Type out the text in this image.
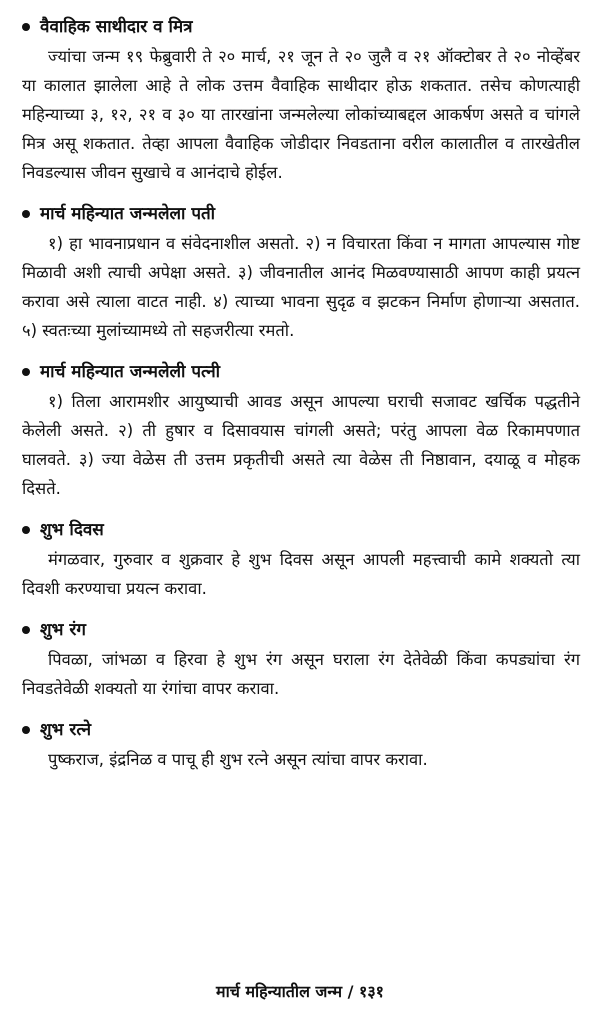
वैवाहिक साथीदार व मित्र

ज्यांचा जन्म १९ फेब्रुवारी ते २० मार्च, २१ जून ते २० जुलै व २१ ऑक्टोबर ते २० नोव्हेंबर या कालात झालेला आहे ते लोक उत्तम वैवाहिक साथीदार होऊ शकतात. तसेच कोणत्याही महिन्याच्या ३, १२, २१ व ३० या तारखांना जन्मलेल्या लोकांच्याबद्दल आकर्षण असते व चांगले मित्र असू शकतात. तेव्हा आपला वैवाहिक जोडीदार निवडताना वरील कालातील व तारखेतील निवडल्यास जीवन सुखाचे व आनंदाचे होईल.

मार्च महिन्यात जन्मलेला पती

१) हा भावनाप्रधान व संवेदनाशील असतो. २) न विचारता किंवा न मागता आपल्यास गोष्ट मिळावी अशी त्याची अपेक्षा असते. ३) जीवनातील आनंद मिळवण्यासाठी आपण काही प्रयत्न करावा असे त्याला वाटत नाही. ४) त्याच्या भावना सुदृढ व झटकन निर्माण होणाऱ्या असतात. ५) स्वतःच्या मुलांच्यामध्ये तो सहजरीत्या रमतो.

मार्च महिन्यात जन्मलेली पत्नी

१) तिला आरामशीर आयुष्याची आवड असून आपल्या घराची सजावट खर्चिक पद्धतीने केलेली असते. २) ती हुषार व दिसावयास चांगली असते; परंतु आपला वेळ रिकामपणात घालवते. ३) ज्या वेळेस ती उत्तम प्रकृतीची असते त्या वेळेस ती निष्ठावान, दयाळू व मोहक दिसते.

शुभ दिवस

मंगळवार, गुरुवार व शुक्रवार हे शुभ दिवस असून आपली महत्त्वाची कामे शक्यतो त्या दिवशी करण्याचा प्रयत्न करावा.

शुभ रंग

पिवळा, जांभळा व हिरवा हे शुभ रंग असून घराला रंग देतेवेळी किंवा कपड्यांचा रंग निवडतेवेळी शक्यतो या रंगांचा वापर करावा.

शुभ रत्ने

पुष्कराज, इंद्रनिळ व पाचू ही शुभ रत्ने असून त्यांचा वापर करावा.

मार्च महिन्यातील जन्म / १३१
